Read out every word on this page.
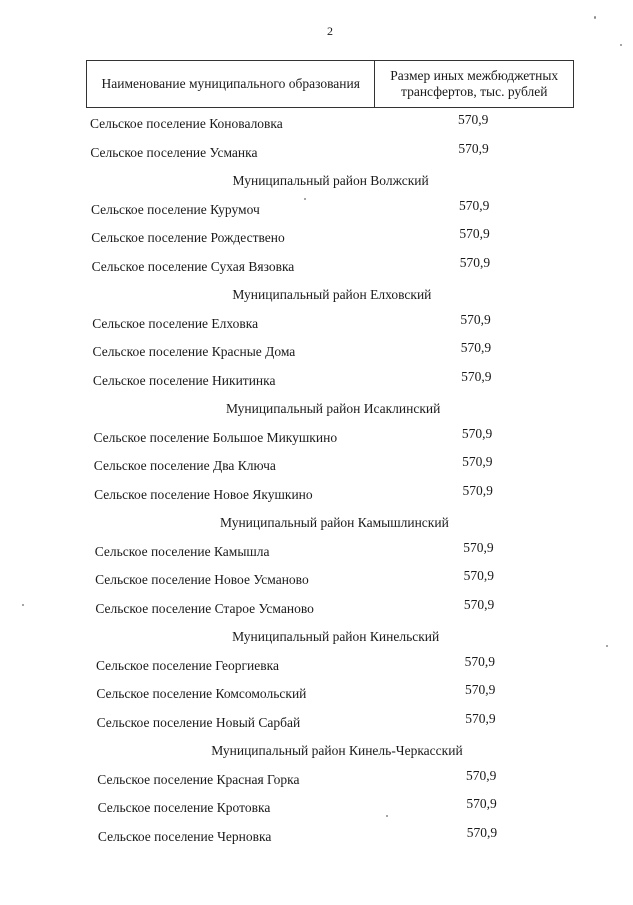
2
Наименование муниципального образования	Размер иных межбюджетных трансфертов, тыс. рублей
Сельское поселение Коноваловка	570,9
Сельское поселение Усманка	570,9
Муниципальный район Волжский
Сельское поселение Курумоч	570,9
Сельское поселение Рождествено	570,9
Сельское поселение Сухая Вязовка	570,9
Муниципальный район Елховский
Сельское поселение Елховка	570,9
Сельское поселение Красные Дома	570,9
Сельское поселение Никитинка	570,9
Муниципальный район Исаклинский
Сельское поселение Большое Микушкино	570,9
Сельское поселение Два Ключа	570,9
Сельское поселение Новое Якушкино	570,9
Муниципальный район Камышлинский
Сельское поселение Камышла	570,9
Сельское поселение Новое Усманово	570,9
Сельское поселение Старое Усманово	570,9
Муниципальный район Кинельский
Сельское поселение Георгиевка	570,9
Сельское поселение Комсомольский	570,9
Сельское поселение Новый Сарбай	570,9
Муниципальный район Кинель-Черкасский
Сельское поселение Красная Горка	570,9
Сельское поселение Кротовка	570,9
Сельское поселение Черновка	570,9
